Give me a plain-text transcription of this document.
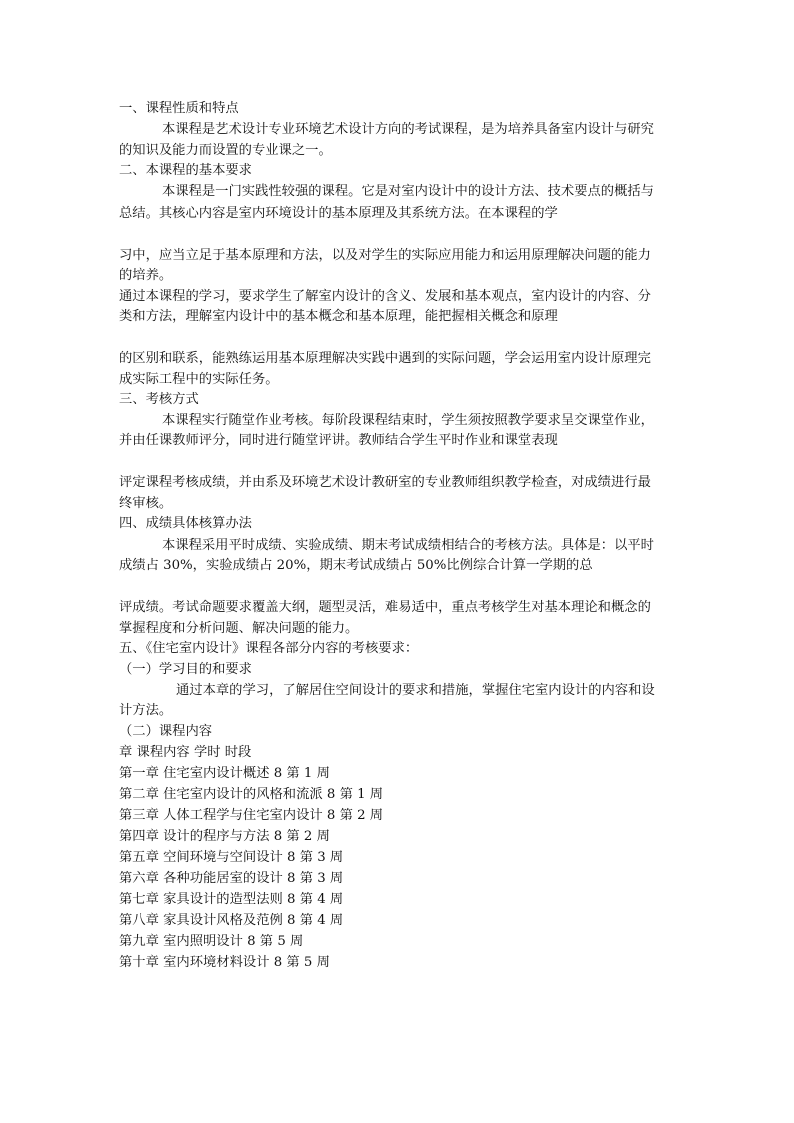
一、课程性质和特点
本课程是艺术设计专业环境艺术设计方向的考试课程，是为培养具备室内设计与研究
的知识及能力而设置的专业课之一。
二、本课程的基本要求
本课程是一门实践性较强的课程。它是对室内设计中的设计方法、技术要点的概括与
总结。其核心内容是室内环境设计的基本原理及其系统方法。在本课程的学
习中，应当立足于基本原理和方法，以及对学生的实际应用能力和运用原理解决问题的能力
的培养。
通过本课程的学习，要求学生了解室内设计的含义、发展和基本观点，室内设计的内容、分
类和方法，理解室内设计中的基本概念和基本原理，能把握相关概念和原理
的区别和联系，能熟练运用基本原理解决实践中遇到的实际问题，学会运用室内设计原理完
成实际工程中的实际任务。
三、考核方式
本课程实行随堂作业考核。每阶段课程结束时，学生须按照教学要求呈交课堂作业，
并由任课教师评分，同时进行随堂评讲。教师结合学生平时作业和课堂表现
评定课程考核成绩，并由系及环境艺术设计教研室的专业教师组织教学检查，对成绩进行最
终审核。
四、成绩具体核算办法
本课程采用平时成绩、实验成绩、期末考试成绩相结合的考核方法。具体是：以平时
成绩占 30%，实验成绩占 20%，期末考试成绩占 50%比例综合计算一学期的总
评成绩。考试命题要求覆盖大纲，题型灵活，难易适中，重点考核学生对基本理论和概念的
掌握程度和分析问题、解决问题的能力。
五、《住宅室内设计》课程各部分内容的考核要求：
（一）学习目的和要求
通过本章的学习，了解居住空间设计的要求和措施，掌握住宅室内设计的内容和设
计方法。
（二）课程内容
章 课程内容 学时 时段
第一章 住宅室内设计概述 8 第 1 周
第二章 住宅室内设计的风格和流派 8 第 1 周
第三章 人体工程学与住宅室内设计 8 第 2 周
第四章 设计的程序与方法 8 第 2 周
第五章 空间环境与空间设计 8 第 3 周
第六章 各种功能居室的设计 8 第 3 周
第七章 家具设计的造型法则 8 第 4 周
第八章 家具设计风格及范例 8 第 4 周
第九章 室内照明设计 8 第 5 周
第十章 室内环境材料设计 8 第 5 周
